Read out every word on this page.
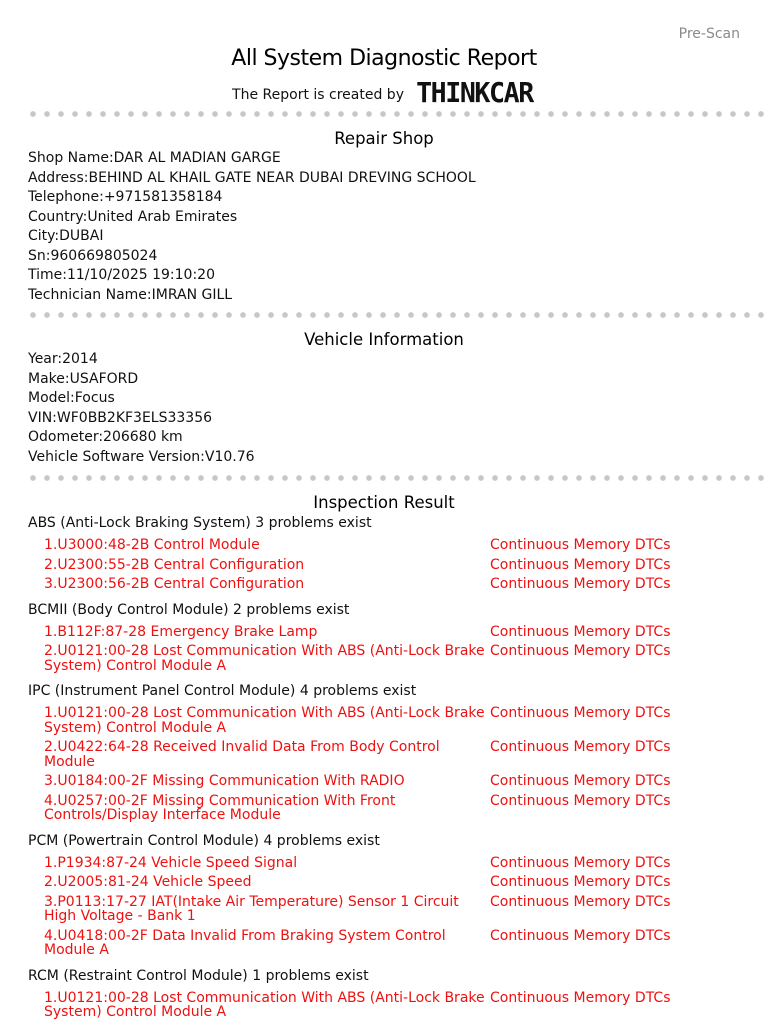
Pre-Scan
All System Diagnostic Report
The Report is created by THINKCAR
Repair Shop
Shop Name:DAR AL MADIAN GARGE
Address:BEHIND AL KHAIL GATE NEAR DUBAI DREVING SCHOOL
Telephone:+971581358184
Country:United Arab Emirates
City:DUBAI
Sn:960669805024
Time:11/10/2025 19:10:20
Technician Name:IMRAN GILL
Vehicle Information
Year:2014
Make:USAFORD
Model:Focus
VIN:WF0BB2KF3ELS33356
Odometer:206680 km
Vehicle Software Version:V10.76
Inspection Result
ABS (Anti-Lock Braking System) 3 problems exist
1.U3000:48-2B Control Module	Continuous Memory DTCs
2.U2300:55-2B Central Configuration	Continuous Memory DTCs
3.U2300:56-2B Central Configuration	Continuous Memory DTCs
BCMII (Body Control Module) 2 problems exist
1.B112F:87-28 Emergency Brake Lamp	Continuous Memory DTCs
2.U0121:00-28 Lost Communication With ABS (Anti-Lock Brake System) Control Module A
Continuous Memory DTCs
IPC (Instrument Panel Control Module) 4 problems exist
1.U0121:00-28 Lost Communication With ABS (Anti-Lock Brake System) Control Module A
Continuous Memory DTCs
2.U0422:64-28 Received Invalid Data From Body Control Module
Continuous Memory DTCs
3.U0184:00-2F Missing Communication With RADIO	Continuous Memory DTCs
4.U0257:00-2F Missing Communication With Front Controls/Display Interface Module
Continuous Memory DTCs
PCM (Powertrain Control Module) 4 problems exist
1.P1934:87-24 Vehicle Speed Signal	Continuous Memory DTCs
2.U2005:81-24 Vehicle Speed	Continuous Memory DTCs
3.P0113:17-27 IAT(Intake Air Temperature) Sensor 1 Circuit High Voltage - Bank 1
Continuous Memory DTCs
4.U0418:00-2F Data Invalid From Braking System Control Module A
Continuous Memory DTCs
RCM (Restraint Control Module) 1 problems exist
1.U0121:00-28 Lost Communication With ABS (Anti-Lock Brake System) Control Module A
Continuous Memory DTCs
